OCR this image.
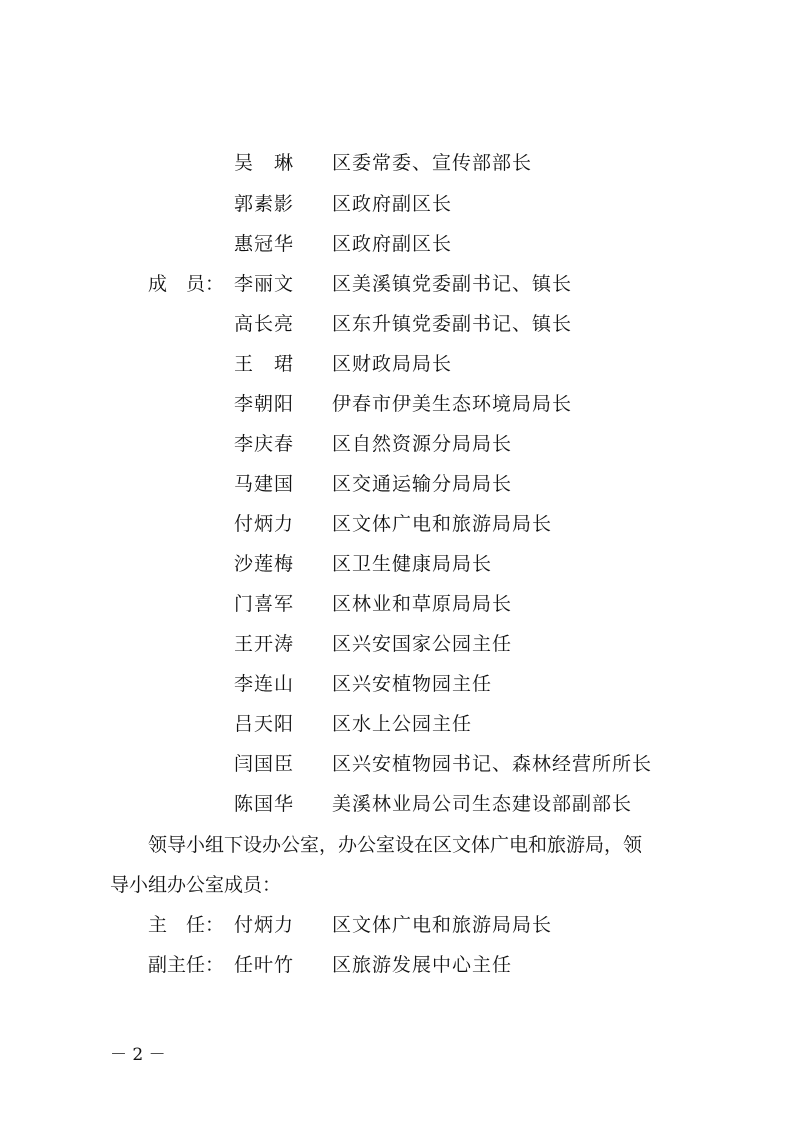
吴　琳 区委常委、宣传部部长
郭素影 区政府副区长
惠冠华 区政府副区长
成　员： 李丽文 区美溪镇党委副书记、镇长
高长亮 区东升镇党委副书记、镇长
王　珺 区财政局局长
李朝阳 伊春市伊美生态环境局局长
李庆春 区自然资源分局局长
马建国 区交通运输分局局长
付炳力 区文体广电和旅游局局长
沙莲梅 区卫生健康局局长
门喜军 区林业和草原局局长
王开涛 区兴安国家公园主任
李连山 区兴安植物园主任
吕天阳 区水上公园主任
闫国臣 区兴安植物园书记、森林经营所所长
陈国华 美溪林业局公司生态建设部副部长
领导小组下设办公室，办公室设在区文体广电和旅游局，领
导小组办公室成员：
主　任： 付炳力 区文体广电和旅游局局长
副主任： 任叶竹 区旅游发展中心主任
－ 2 －
